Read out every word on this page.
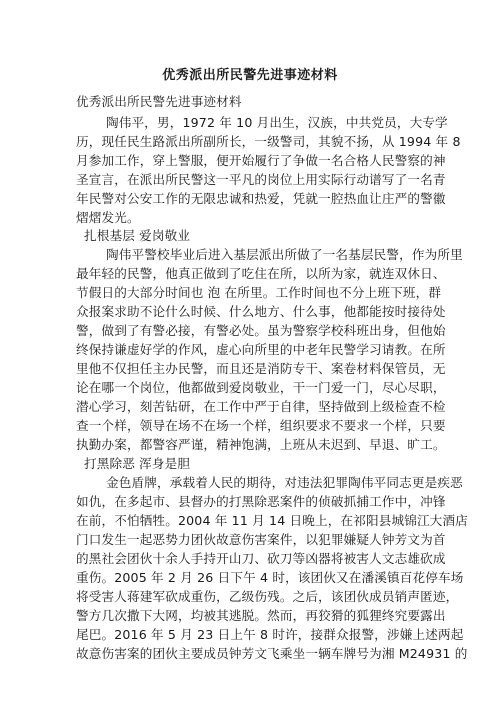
优秀派出所民警先进事迹材料
优秀派出所民警先进事迹材料
陶伟平，男，1972 年 10 月出生，汉族，中共党员，大专学
历，现任民生路派出所副所长，一级警司，其貌不扬，从 1994 年 8
月参加工作，穿上警服，便开始履行了争做一名合格人民警察的神
圣宣言，在派出所民警这一平凡的岗位上用实际行动谱写了一名青
年民警对公安工作的无限忠诚和热爱，凭就一腔热血让庄严的警徽
熠熠发光。
扎根基层 爱岗敬业
陶伟平警校毕业后进入基层派出所做了一名基层民警，作为所里
最年轻的民警，他真正做到了吃住在所，以所为家，就连双休日、
节假日的大部分时间也 泡 在所里。工作时间也不分上班下班，群
众报案求助不论什么时候、什么地方、什么事，他都能按时接待处
警，做到了有警必接，有警必处。虽为警察学校科班出身，但他始
终保持谦虚好学的作风，虚心向所里的中老年民警学习请教。在所
里他不仅担任主办民警，而且还是消防专干、案卷材料保管员，无
论在哪一个岗位，他都做到爱岗敬业，干一门爱一门，尽心尽职，
潜心学习，刻苦钻研，在工作中严于自律，坚持做到上级检查不检
查一个样，领导在场不在场一个样，组织要求不要求一个样，只要
执勤办案，都警容严谨，精神饱满，上班从未迟到、早退、旷工。
打黑除恶 浑身是胆
金色盾牌，承载着人民的期待，对违法犯罪陶伟平同志更是疾恶
如仇，在多起市、县督办的打黑除恶案件的侦破抓捕工作中，冲锋
在前，不怕牺牲。2004 年 11 月 14 日晚上，在祁阳县城锦江大酒店
门口发生一起恶势力团伙故意伤害案件，以犯罪嫌疑人钟芳文为首
的黑社会团伙十余人手持开山刀、砍刀等凶器将被害人文志雄砍成
重伤。2005 年 2 月 26 日下午 4 时，该团伙又在潘溪镇百花停车场
将受害人蒋建军砍成重伤，乙级伤残。之后，该团伙成员销声匿迹，
警方几次撒下大网，均被其逃脱。然而，再狡猾的狐狸终究要露出
尾巴。2016 年 5 月 23 日上午 8 时许，接群众报警，涉嫌上述两起
故意伤害案的团伙主要成员钟芳文飞乘坐一辆车牌号为湘 M24931 的
